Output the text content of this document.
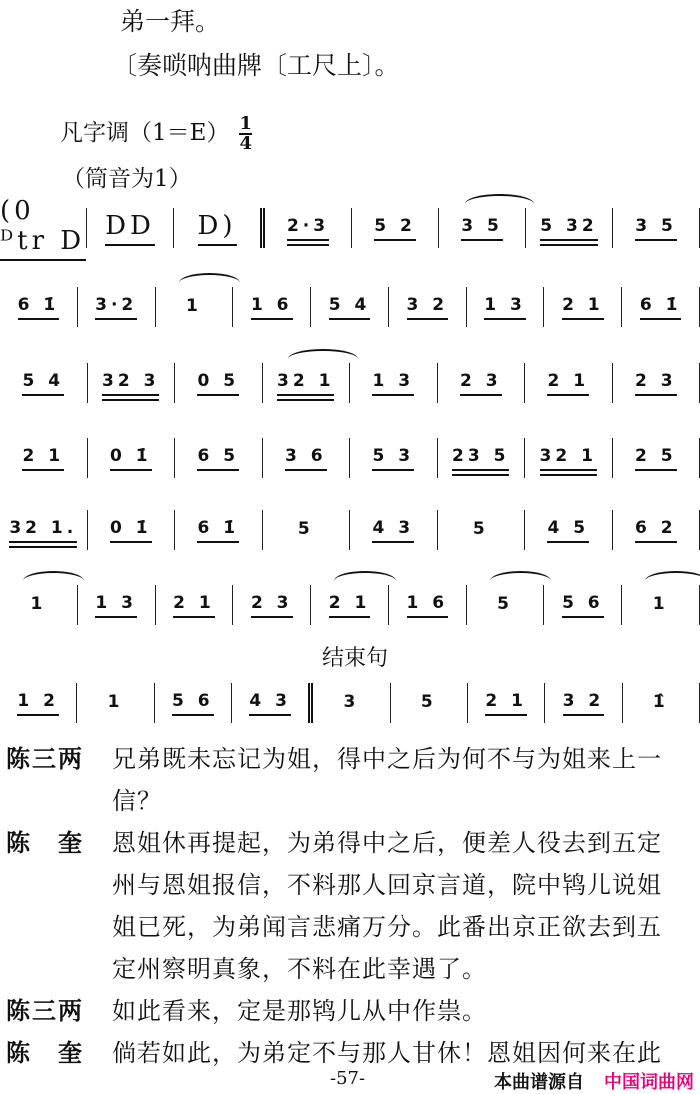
弟一拜。
〔奏唢呐曲牌〔工尺上〕。
凡字调$(1=E) \frac{1}{4}$
（筒音为1）
(0 ᴰtr D DD D)	2·3	5 2	3 5 5 32 3 5
6 1̇ 3·2	1	1 6 5 4 3 2 1 3 2 1 6 1̇
5 4 32 3 0 5 32 1 1 3	2 3	2 1	2 3
2 1	0 1̇	6 5	3 6	5 3 23 5 32 1 2 5
32 1. 0 1̇	6 1̇	5	4 3	5	4 5	6 2
1	1 3 2 1 2 3 2 1 1 6	5	5 6	1
1 2	1	5 6 4 3	3	5	2 1 3 2	1̂
结束句
陈三两	兄弟既未忘记为姐，得中之后为何不与为姐来上一
信？
陈　奎	恩姐休再提起，为弟得中之后，便差人役去到五定
州与恩姐报信，不料那人回京言道，院中鸨儿说姐
姐已死，为弟闻言悲痛万分。此番出京正欲去到五
定州察明真象，不料在此幸遇了。
陈三两	如此看来，定是那鸨儿从中作祟。
陈　奎	倘若如此，为弟定不与那人甘休！恩姐因何来在此
-57-	本曲谱源自 中国词曲网
